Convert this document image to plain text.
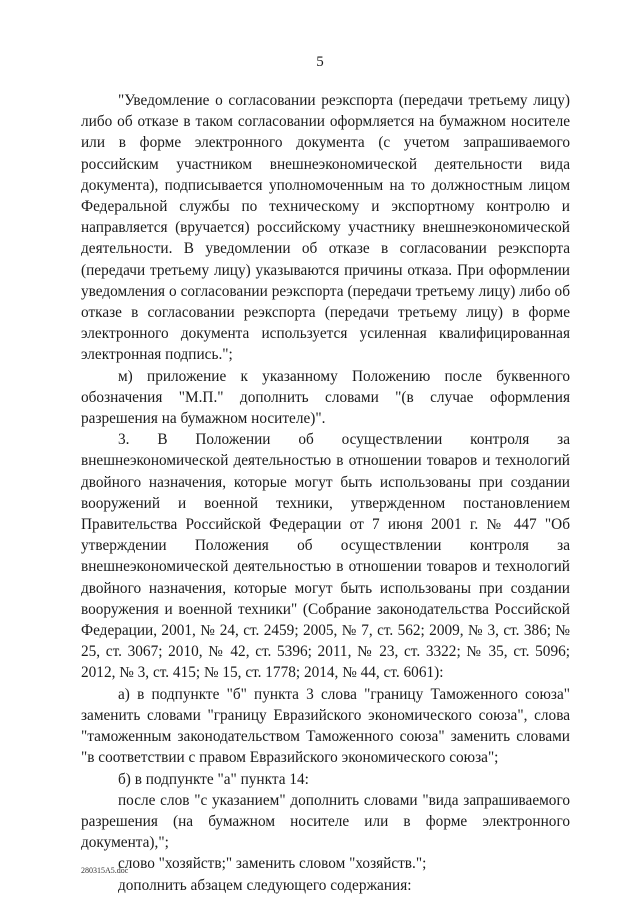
5

"Уведомление о согласовании реэкспорта (передачи третьему лицу) либо об отказе в таком согласовании оформляется на бумажном носителе или в форме электронного документа (с учетом запрашиваемого российским участником внешнеэкономической деятельности вида документа), подписывается уполномоченным на то должностным лицом Федеральной службы по техническому и экспортному контролю и направляется (вручается) российскому участнику внешнеэкономической деятельности. В уведомлении об отказе в согласовании реэкспорта (передачи третьему лицу) указываются причины отказа. При оформлении уведомления о согласовании реэкспорта (передачи третьему лицу) либо об отказе в согласовании реэкспорта (передачи третьему лицу) в форме электронного документа используется усиленная квалифицированная электронная подпись.";

м) приложение к указанному Положению после буквенного обозначения "М.П." дополнить словами "(в случае оформления разрешения на бумажном носителе)".

3. В Положении об осуществлении контроля за внешнеэкономической деятельностью в отношении товаров и технологий двойного назначения, которые могут быть использованы при создании вооружений и военной техники, утвержденном постановлением Правительства Российской Федерации от 7 июня 2001 г. № 447 "Об утверждении Положения об осуществлении контроля за внешнеэкономической деятельностью в отношении товаров и технологий двойного назначения, которые могут быть использованы при создании вооружения и военной техники" (Собрание законодательства Российской Федерации, 2001, № 24, ст. 2459; 2005, № 7, ст. 562; 2009, № 3, ст. 386; № 25, ст. 3067; 2010, № 42, ст. 5396; 2011, № 23, ст. 3322; № 35, ст. 5096; 2012, № 3, ст. 415; № 15, ст. 1778; 2014, № 44, ст. 6061):

а) в подпункте "б" пункта 3 слова "границу Таможенного союза" заменить словами "границу Евразийского экономического союза", слова "таможенным законодательством Таможенного союза" заменить словами "в соответствии с правом Евразийского экономического союза";

б) в подпункте "а" пункта 14:

после слов "с указанием" дополнить словами "вида запрашиваемого разрешения (на бумажном носителе или в форме электронного документа),";

слово "хозяйств;" заменить словом "хозяйств.";

дополнить абзацем следующего содержания:

280315A5.doc
